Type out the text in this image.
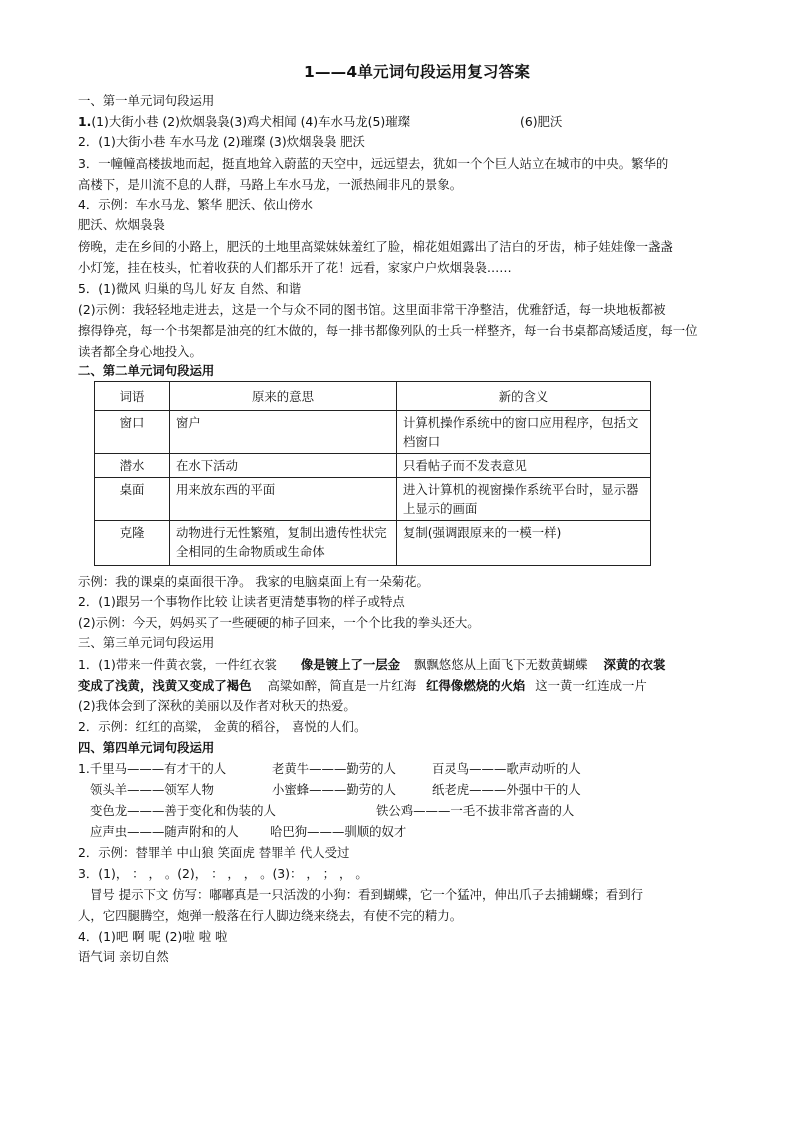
1——4单元词句段运用复习答案
一、第一单元词句段运用
1.(1)大街小巷 (2)炊烟袅袅(3)鸡犬相闻 (4)车水马龙(5)璀璨	(6)肥沃
2．(1)大街小巷 车水马龙 (2)璀璨 (3)炊烟袅袅 肥沃
3．一幢幢高楼拔地而起，挺直地耸入蔚蓝的天空中，远远望去，犹如一个个巨人站立在城市的中央。繁华的
高楼下，是川流不息的人群，马路上车水马龙，一派热闹非凡的景象。
4．示例：车水马龙、繁华 肥沃、依山傍水
肥沃、炊烟袅袅
傍晚，走在乡间的小路上，肥沃的土地里高粱妹妹羞红了脸，棉花姐姐露出了洁白的牙齿，柿子娃娃像一盏盏
小灯笼，挂在枝头，忙着收获的人们都乐开了花！远看，家家户户炊烟袅袅……
5．(1)微风 归巢的鸟儿 好友 自然、和谐
(2)示例：我轻轻地走进去，这是一个与众不同的图书馆。这里面非常干净整洁，优雅舒适，每一块地板都被
擦得铮亮，每一个书架都是油亮的红木做的，每一排书都像列队的士兵一样整齐，每一台书桌都高矮适度，每一位
读者都全身心地投入。
二、第二单元词句段运用
词语	原来的意思	新的含义
窗口	窗户	计算机操作系统中的窗口应用程序，包括文档窗口
潜水	在水下活动	只看帖子而不发表意见
桌面	用来放东西的平面	进入计算机的视窗操作系统平台时，显示器上显示的画面
克隆	动物进行无性繁殖，复制出遗传性状完全相同的生命物质或生命体	复制(强调跟原来的一模一样)
示例：我的课桌的桌面很干净。 我家的电脑桌面上有一朵菊花。
2．(1)跟另一个事物作比较 让读者更清楚事物的样子或特点
(2)示例：今天，妈妈买了一些硬硬的柿子回来，一个个比我的拳头还大。
三、第三单元词句段运用
1．(1)带来一件黄衣裳，一件红衣裳 像是镀上了一层金 飘飘悠悠从上面飞下无数黄蝴蝶 深黄的衣裳
变成了浅黄，浅黄又变成了褐色 高粱如醉，简直是一片红海 红得像燃烧的火焰 这一黄一红连成一片
(2)我体会到了深秋的美丽以及作者对秋天的热爱。
2．示例：红红的高粱， 金黄的稻谷， 喜悦的人们。
四、第四单元词句段运用
1.千里马———有才干的人	老黄牛———勤劳的人	百灵鸟———歌声动听的人
领头羊———领军人物	小蜜蜂———勤劳的人	纸老虎———外强中干的人
变色龙———善于变化和伪装的人	铁公鸡———一毛不拔非常吝啬的人
应声虫———随声附和的人	哈巴狗———驯顺的奴才
2．示例：替罪羊 中山狼 笑面虎 替罪羊 代人受过
3．(1)， ： ， 。(2)， ： ， ， 。(3)： ， ； ， 。
冒号 提示下文 仿写：嘟嘟真是一只活泼的小狗：看到蝴蝶，它一个猛冲，伸出爪子去捕蝴蝶；看到行
人，它四腿腾空，炮弹一般落在行人脚边绕来绕去，有使不完的精力。
4．(1)吧 啊 呢 (2)啦 啦 啦
语气词 亲切自然
